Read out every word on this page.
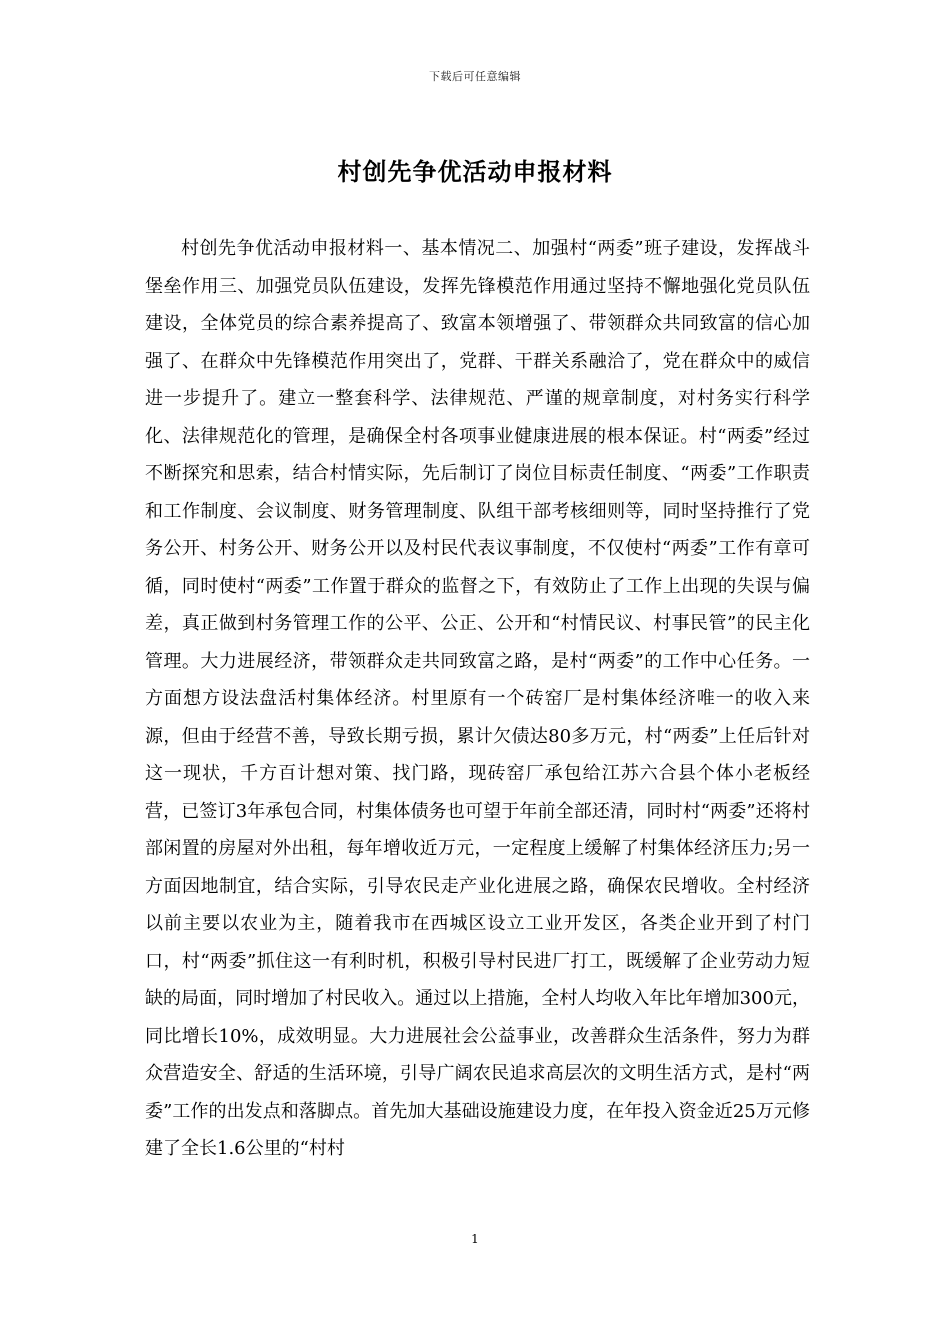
下载后可任意编辑
村创先争优活动申报材料

村创先争优活动申报材料一、基本情况二、加强村“两委”班子建设，发挥战斗堡垒作用三、加强党员队伍建设，发挥先锋模范作用通过坚持不懈地强化党员队伍建设，全体党员的综合素养提高了、致富本领增强了、带领群众共同致富的信心加强了、在群众中先锋模范作用突出了，党群、干群关系融洽了，党在群众中的威信进一步提升了。建立一整套科学、法律规范、严谨的规章制度，对村务实行科学化、法律规范化的管理，是确保全村各项事业健康进展的根本保证。村“两委”经过不断探究和思索，结合村情实际，先后制订了岗位目标责任制度、“两委”工作职责和工作制度、会议制度、财务管理制度、队组干部考核细则等，同时坚持推行了党务公开、村务公开、财务公开以及村民代表议事制度，不仅使村“两委”工作有章可循，同时使村“两委”工作置于群众的监督之下，有效防止了工作上出现的失误与偏差，真正做到村务管理工作的公平、公正、公开和“村情民议、村事民管”的民主化管理。大力进展经济，带领群众走共同致富之路，是村“两委”的工作中心任务。一方面想方设法盘活村集体经济。村里原有一个砖窑厂是村集体经济唯一的收入来源，但由于经营不善，导致长期亏损，累计欠债达80多万元，村“两委”上任后针对这一现状，千方百计想对策、找门路，现砖窑厂承包给江苏六合县个体小老板经营，已签订3年承包合同，村集体债务也可望于年前全部还清，同时村“两委”还将村部闲置的房屋对外出租，每年增收近万元，一定程度上缓解了村集体经济压力;另一方面因地制宜，结合实际，引导农民走产业化进展之路，确保农民增收。全村经济以前主要以农业为主，随着我市在西城区设立工业开发区，各类企业开到了村门口，村“两委”抓住这一有利时机，积极引导村民进厂打工，既缓解了企业劳动力短缺的局面，同时增加了村民收入。通过以上措施，全村人均收入年比年增加300元，同比增长10%，成效明显。大力进展社会公益事业，改善群众生活条件，努力为群众营造安全、舒适的生活环境，引导广阔农民追求高层次的文明生活方式，是村“两委”工作的出发点和落脚点。首先加大基础设施建设力度，在年投入资金近25万元修建了全长1.6公里的“村村

1
